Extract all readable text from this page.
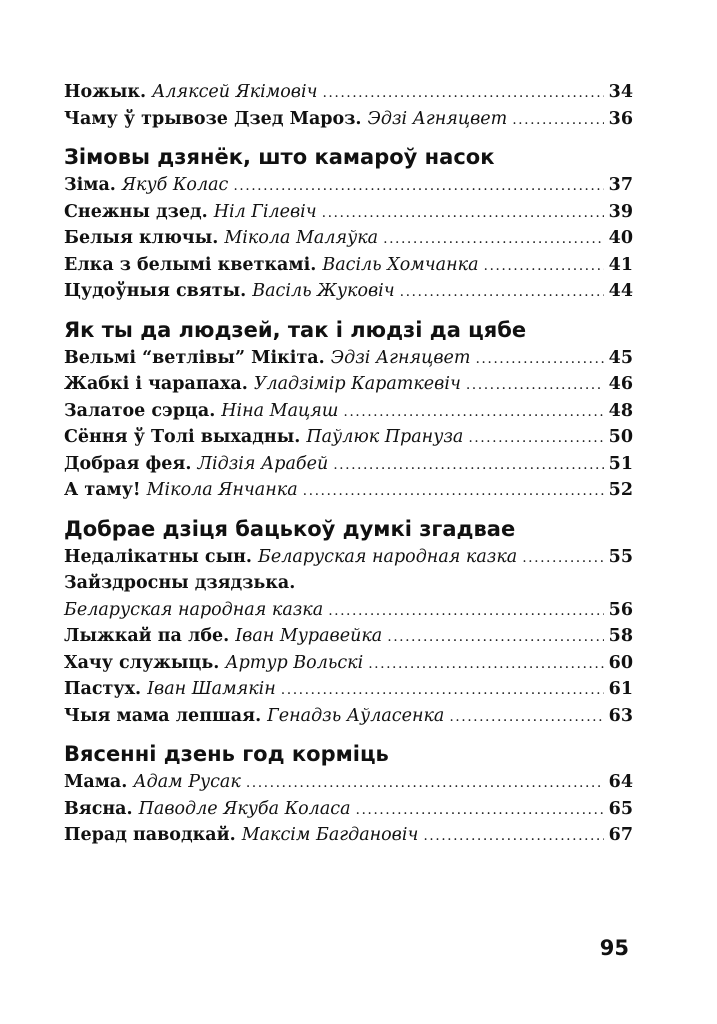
Ножык. Аляксей Якімовіч .....	34
Чаму ў трывозе Дзед Мароз. Эдзі Агняцвет .....	36
Зімовы дзянёк, што камароў насок
Зіма. Якуб Колас .....	37
Снежны дзед. Ніл Гілевіч .....	39
Белыя ключы. Мікола Маляўка .....	40
Елка з белымі кветкамі. Васіль Хомчанка .....	41
Цудоўныя святы. Васіль Жуковіч .....	44
Як ты да людзей, так і людзі да цябе
Вельмі “ветлівы” Мікіта. Эдзі Агняцвет .....	45
Жабкі і чарапаха. Уладзімір Караткевіч .....	46
Залатое сэрца. Ніна Мацяш .....	48
Сёння ў Толі выхадны. Паўлюк Пранузa .....	50
Добрая фея. Лідзія Арабей .....	51
А таму! Мікола Янчанка .....	52
Добрае дзіця бацькоў думкі згадвае
Недалікатны сын. Беларуская народная казка .....	55
Зайздросны дзядзька.
Беларуская народная казка .....	56
Лыжкай па лбе. Іван Муравейка .....	58
Хачу служыць. Артур Вольскі .....	60
Пастух. Іван Шамякін .....	61
Чыя мама лепшая. Генадзь Аўласенка .....	63
Вясенні дзень год корміць
Мама. Адам Русак .....	64
Вясна. Паводле Якуба Коласа .....	65
Перад паводкай. Максім Багдановіч .....	67
95
